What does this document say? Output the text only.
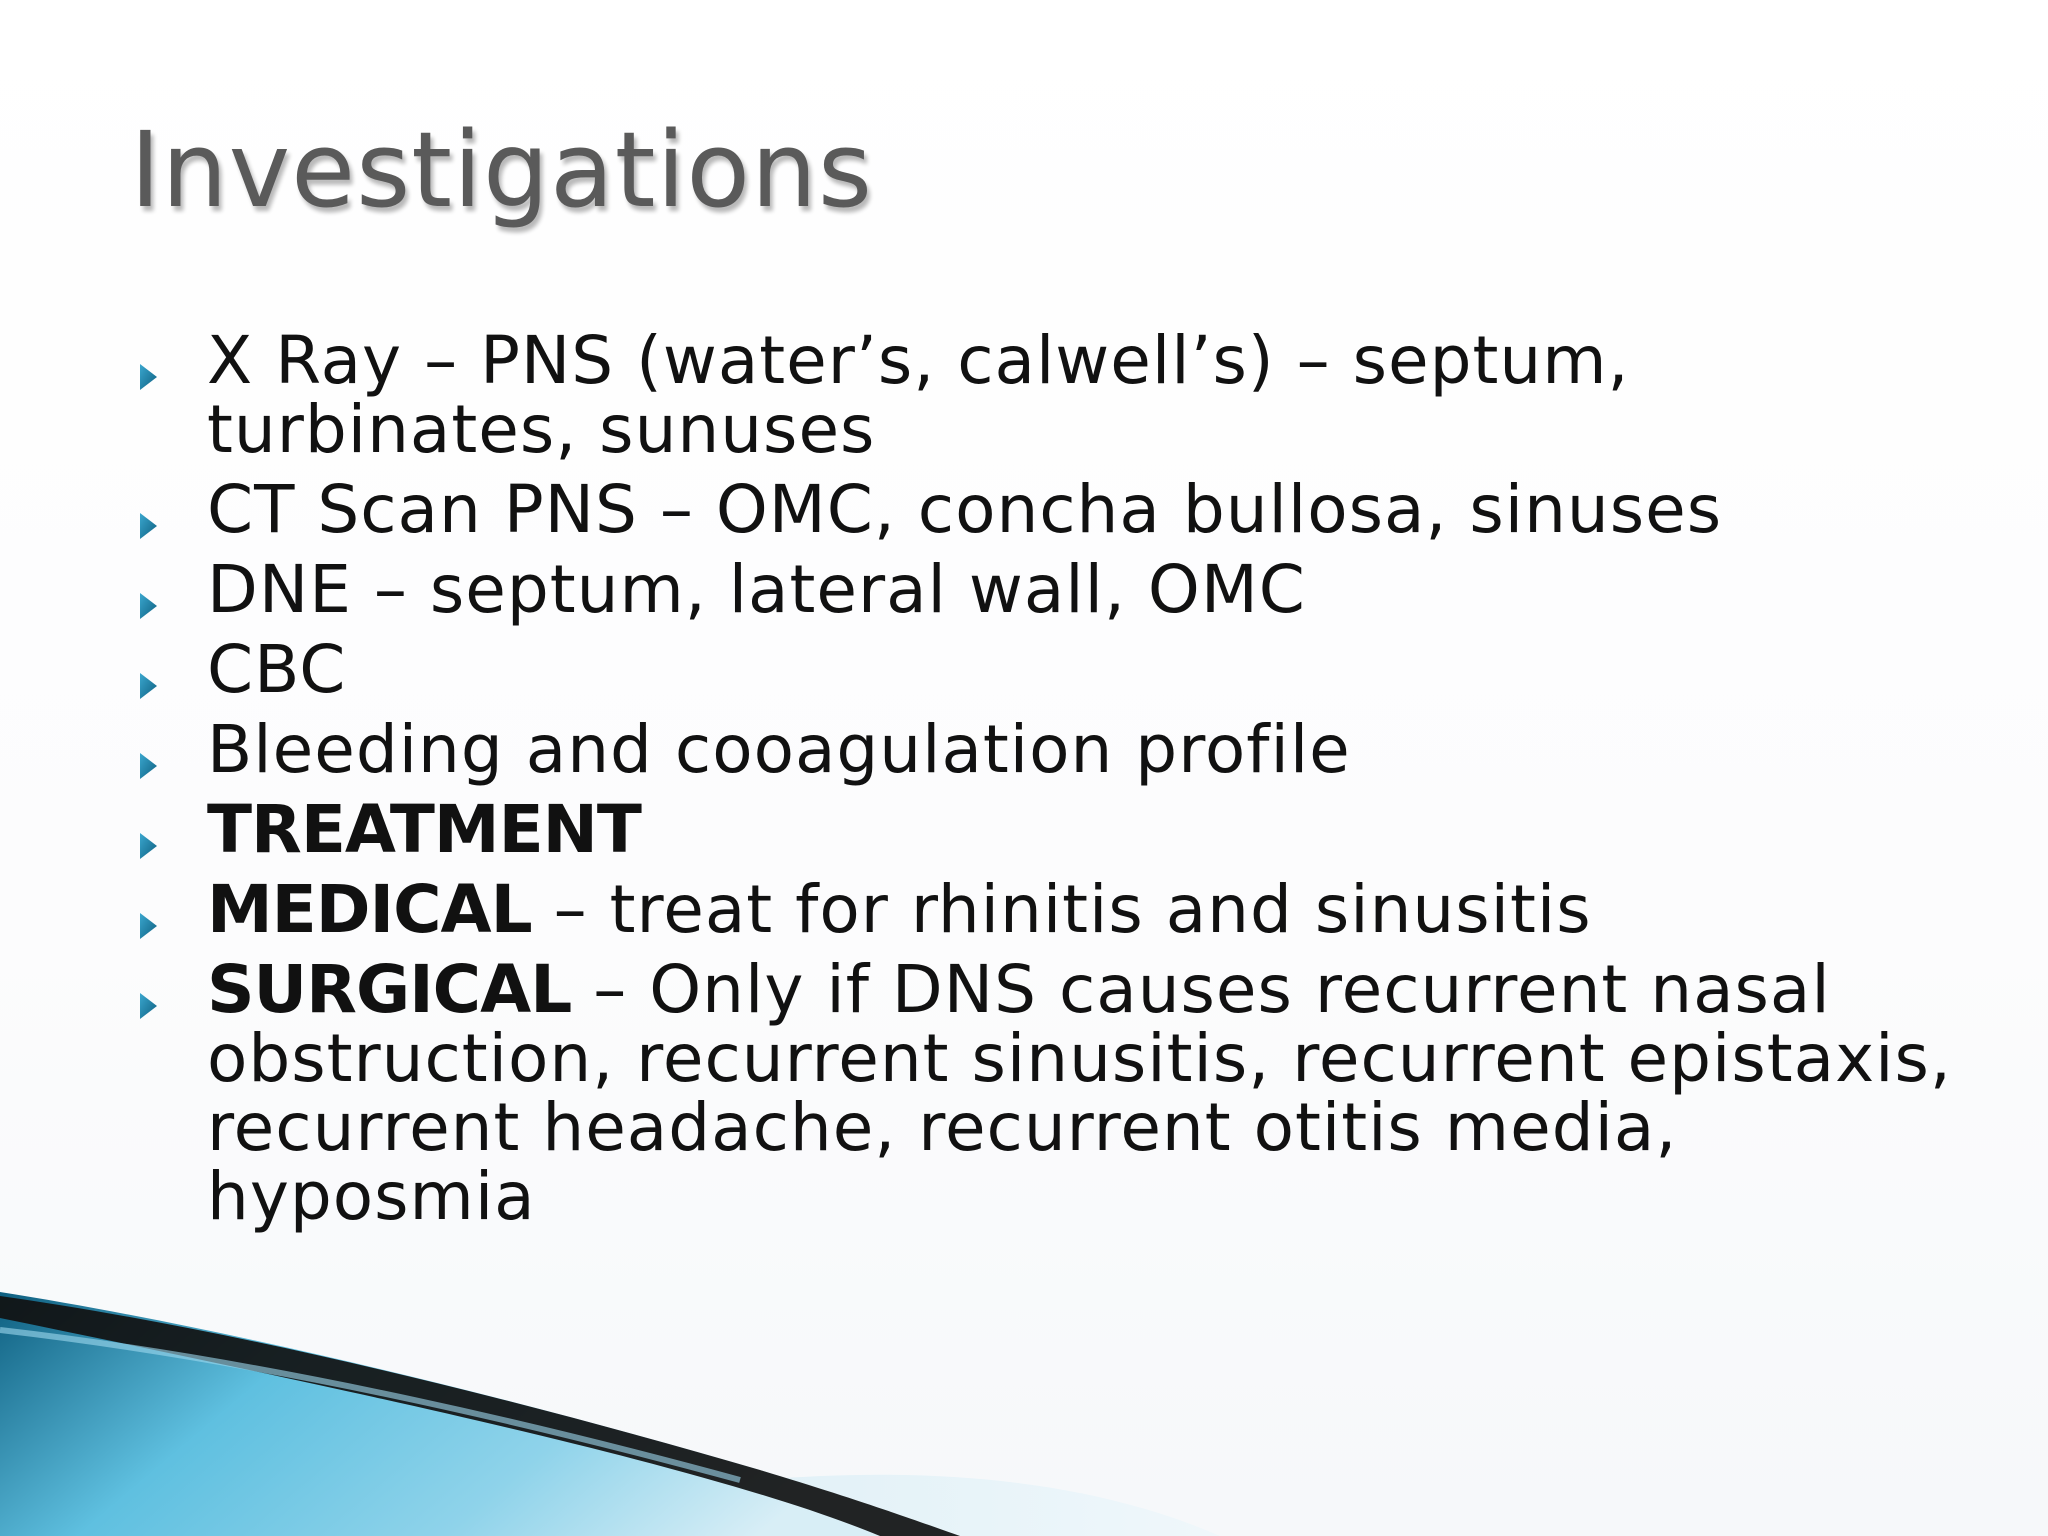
Investigations
X Ray – PNS (water’s, calwell’s) – septum, turbinates, sunuses
CT Scan PNS – OMC, concha bullosa, sinuses
DNE – septum, lateral wall, OMC
CBC
Bleeding and cooagulation profile
TREATMENT
MEDICAL – treat for rhinitis and sinusitis
SURGICAL – Only if DNS causes recurrent nasal obstruction, recurrent sinusitis, recurrent epistaxis, recurrent headache, recurrent otitis media, hyposmia
